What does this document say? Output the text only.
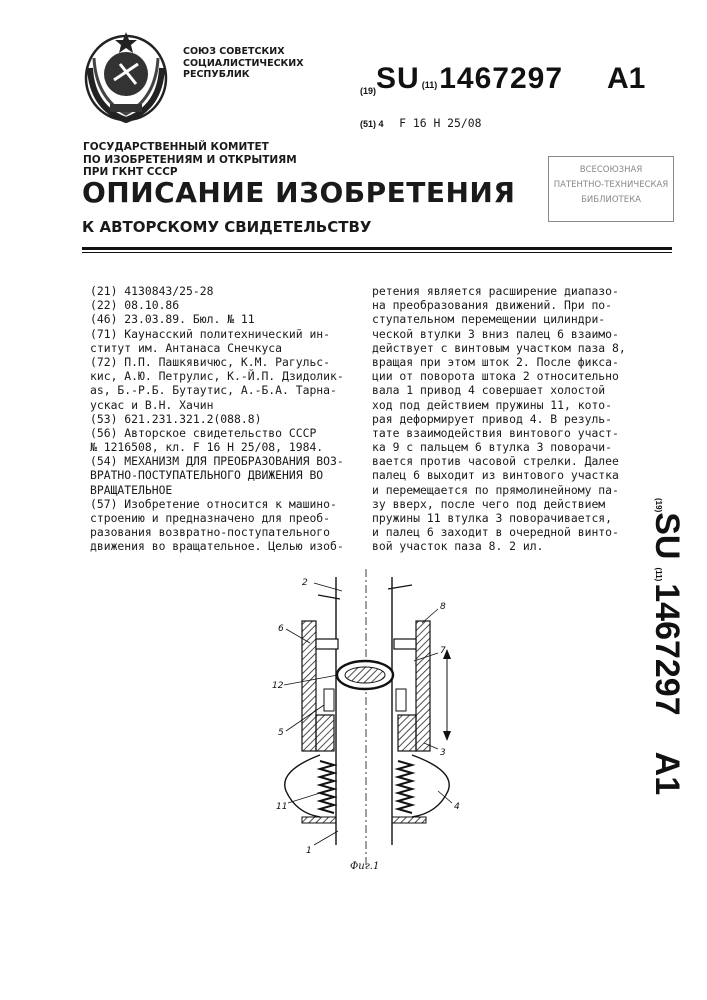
СОЮЗ СОВЕТСКИХ
СОЦИАЛИСТИЧЕСКИХ
РЕСПУБЛИК
(19)SU (11)1467297 A1
(51) 4 F 16 H 25/08
ГОСУДАРСТВЕННЫЙ КОМИТЕТ
ПО ИЗОБРЕТЕНИЯМ И ОТКРЫТИЯМ
ПРИ ГКНТ СССР	ВСЕСОЮЗНАЯ
ПАТЕНТНО-ТЕХНИЧЕСКАЯ
БИБЛИОТЕКА
ОПИСАНИЕ ИЗОБРЕТЕНИЯ
К АВТОРСКОМУ СВИДЕТЕЛЬСТВУ
(21) 4130843/25-28
(22) 08.10.86
(46) 23.03.89. Бюл. № 11
(71) Каунасский политехнический ин-
ститут им. Антанаса Снечкуса
(72) П.П. Пашкявичюс, К.М. Рагульс-
кис, А.Ю. Петрулис, К.-Й.П. Дзидолик-
as, Б.-Р.Б. Бутаутис, А.-Б.А. Тарна-
ускас и В.Н. Хачин
(53) 621.231.321.2(088.8)
(56) Авторское свидетельство СССР
№ 1216508, кл. F 16 H 25/08, 1984.
(54) МЕХАНИЗМ ДЛЯ ПРЕОБРАЗОВАНИЯ ВОЗ-
ВРАТНО-ПОСТУПАТЕЛЬНОГО ДВИЖЕНИЯ ВО
ВРАЩАТЕЛЬНОЕ
(57) Изобретение относится к машино-
строению и предназначено для преоб-
разования возвратно-поступательного
движения во вращательное. Целью изоб-
ретения является расширение диапазо-
на преобразования движений. При по-
ступательном перемещении цилиндри-
ческой втулки 3 вниз палец 6 взаимо-
действует с винтовым участком паза 8,
вращая при этом шток 2. После фикса-
ции от поворота штока 2 относительно
вала 1 привод 4 совершает холостой
ход под действием пружины 11, кото-
рая деформирует привод 4. В резуль-
тате взаимодействия винтового участ-
ка 9 с пальцем 6 втулка 3 поворачи-
вается против часовой стрелки. Далее
палец 6 выходит из винтового участка
и перемещается по прямолинейному па-
зу вверх, после чего под действием
пружины 11 втулка 3 поворачивается,
и палец 6 заходит в очередной винто-
вой участок паза 8. 2 ил.
(19)SU(11)1467297A1
2
6
12
5
11
1
8
7
3
4
Фиг.1
